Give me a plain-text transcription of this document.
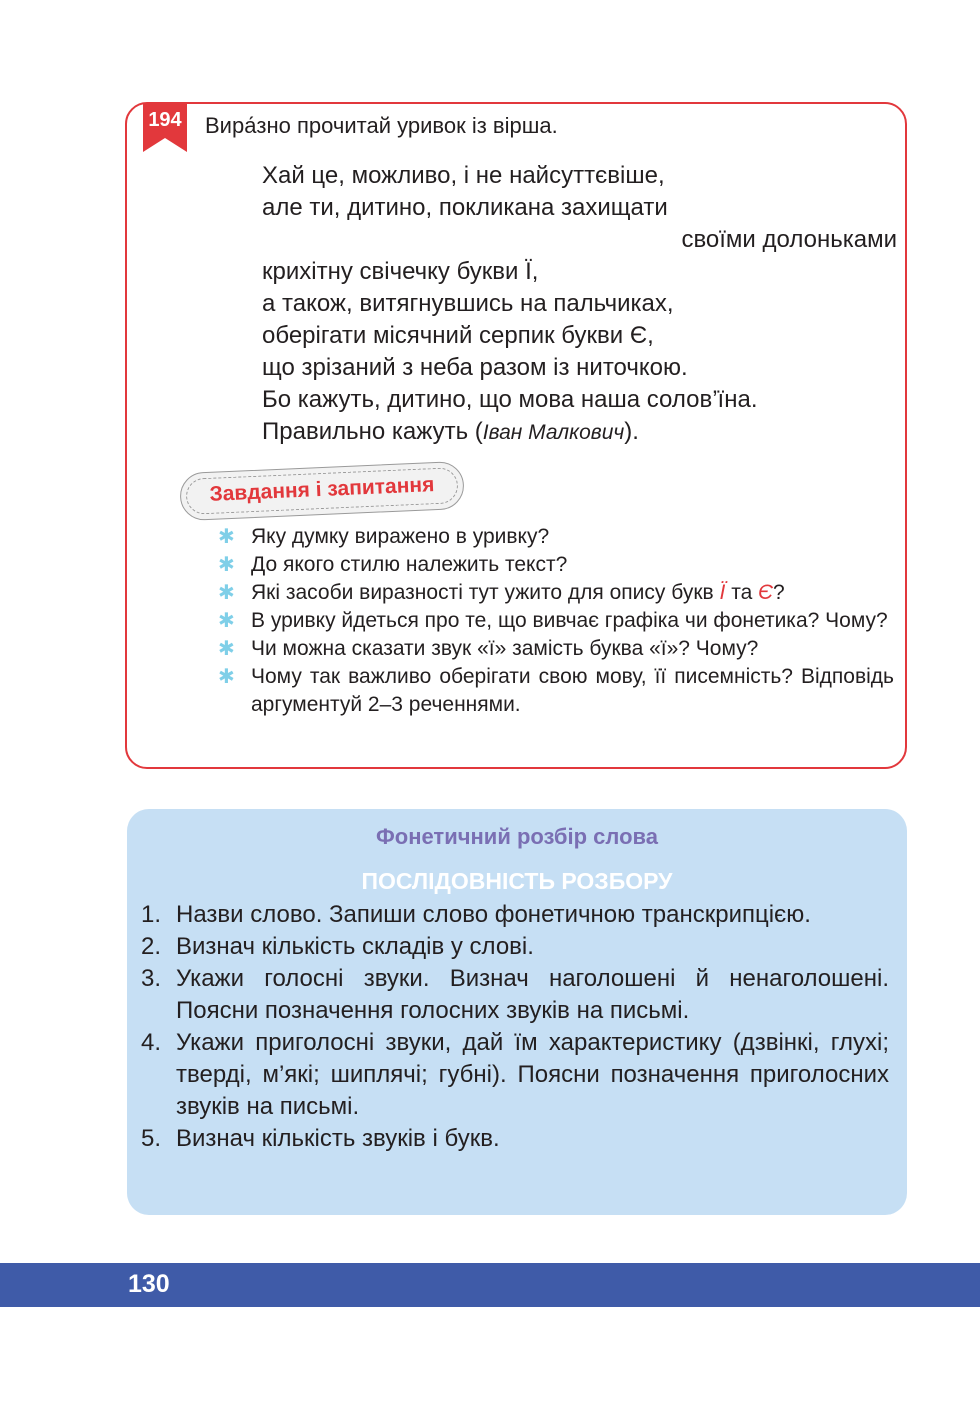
194 Вира́зно прочитай уривок із вірша.
Хай це, можливо, і не найсуттєвіше,
але ти, дитино, покликана захищати
своїми долоньками
крихітну свічечку букви Ї,
а також, витягнувшись на пальчиках,
оберігати місячний серпик букви Є,
що зрізаний з неба разом із ниточкою.
Бо кажуть, дитино, що мова наша солов’їна.
Правильно кажуть (Іван Малкович).
Завдання і запитання
✱ Яку думку виражено в уривку?
✱ До якого стилю належить текст?
✱ Які засоби виразності тут ужито для опису букв Ї та Є?
✱ В уривку йдеться про те, що вивчає графіка чи фонетика? Чому?
✱ Чи можна сказати звук «ї» замість буква «ї»? Чому?
✱ Чому так важливо оберігати свою мову, її писемність? Відповідь аргументуй 2–3 реченнями.
Фонетичний розбір слова
ПОСЛІДОВНІСТЬ РОЗБОРУ
1. Назви слово. Запиши слово фонетичною транскрипцією.
2. Визнач кількість складів у слові.
3. Укажи голосні звуки. Визнач наголошені й ненаголошені. Поясни позначення голосних звуків на письмі.
4. Укажи приголосні звуки, дай їм характеристику (дзвінкі, глухі; тверді, м’які; шиплячі; губні). Поясни позначення приголосних звуків на письмі.
5. Визнач кількість звуків і букв.
130
